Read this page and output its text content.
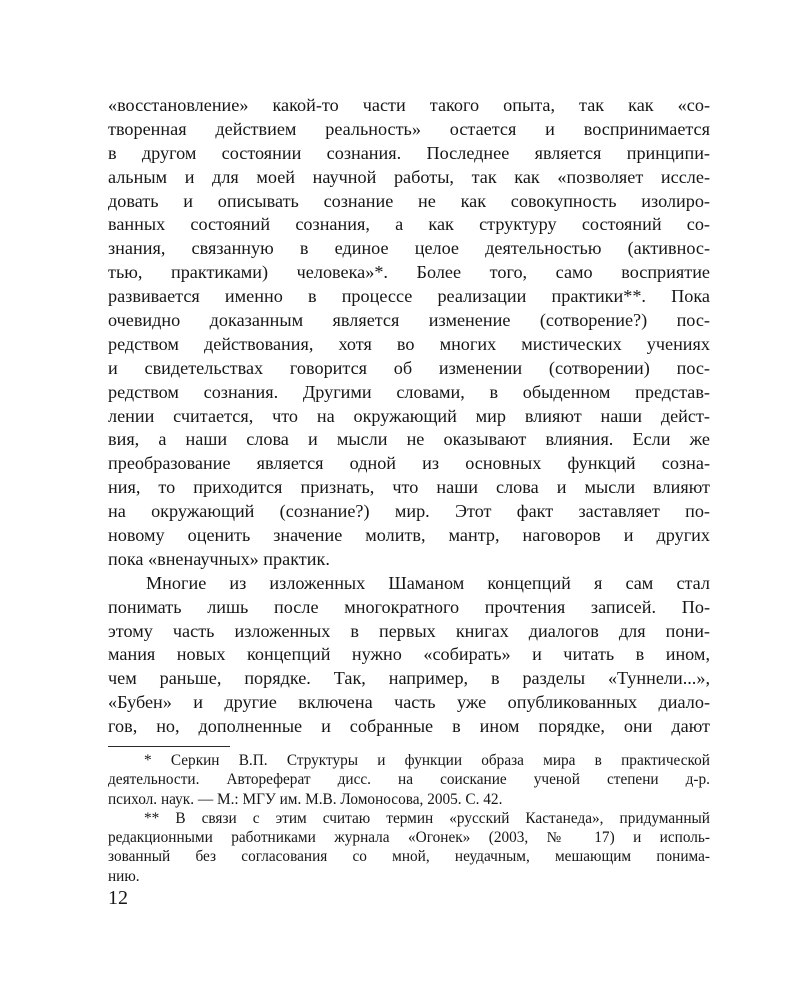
«восстановление» какой-то части такого опыта, так как «со-
творенная действием реальность» остается и воспринимается
в другом состоянии сознания. Последнее является принципи-
альным и для моей научной работы, так как «позволяет иссле-
довать и описывать сознание не как совокупность изолиро-
ванных состояний сознания, а как структуру состояний со-
знания, связанную в единое целое деятельностью (активнос-
тью, практиками) человека»*. Более того, само восприятие
развивается именно в процессе реализации практики**. Пока
очевидно доказанным является изменение (сотворение?) пос-
редством действования, хотя во многих мистических учениях
и свидетельствах говорится об изменении (сотворении) пос-
редством сознания. Другими словами, в обыденном представ-
лении считается, что на окружающий мир влияют наши дейст-
вия, а наши слова и мысли не оказывают влияния. Если же
преобразование является одной из основных функций созна-
ния, то приходится признать, что наши слова и мысли влияют
на окружающий (сознание?) мир. Этот факт заставляет по-
новому оценить значение молитв, мантр, наговоров и других
пока «вненаучных» практик.
Многие из изложенных Шаманом концепций я сам стал
понимать лишь после многократного прочтения записей. По-
этому часть изложенных в первых книгах диалогов для пони-
мания новых концепций нужно «собирать» и читать в ином,
чем раньше, порядке. Так, например, в разделы «Туннели...»,
«Бубен» и другие включена часть уже опубликованных диало-
гов, но, дополненные и собранные в ином порядке, они дают
* Серкин В.П. Структуры и функции образа мира в практической
деятельности. Автореферат дисс. на соискание ученой степени д-р.
психол. наук. — М.: МГУ им. М.В. Ломоносова, 2005. С. 42.
** В связи с этим считаю термин «русский Кастанеда», придуманный
редакционными работниками журнала «Огонек» (2003, № 17) и исполь-
зованный без согласования со мной, неудачным, мешающим понима-
нию.
12
